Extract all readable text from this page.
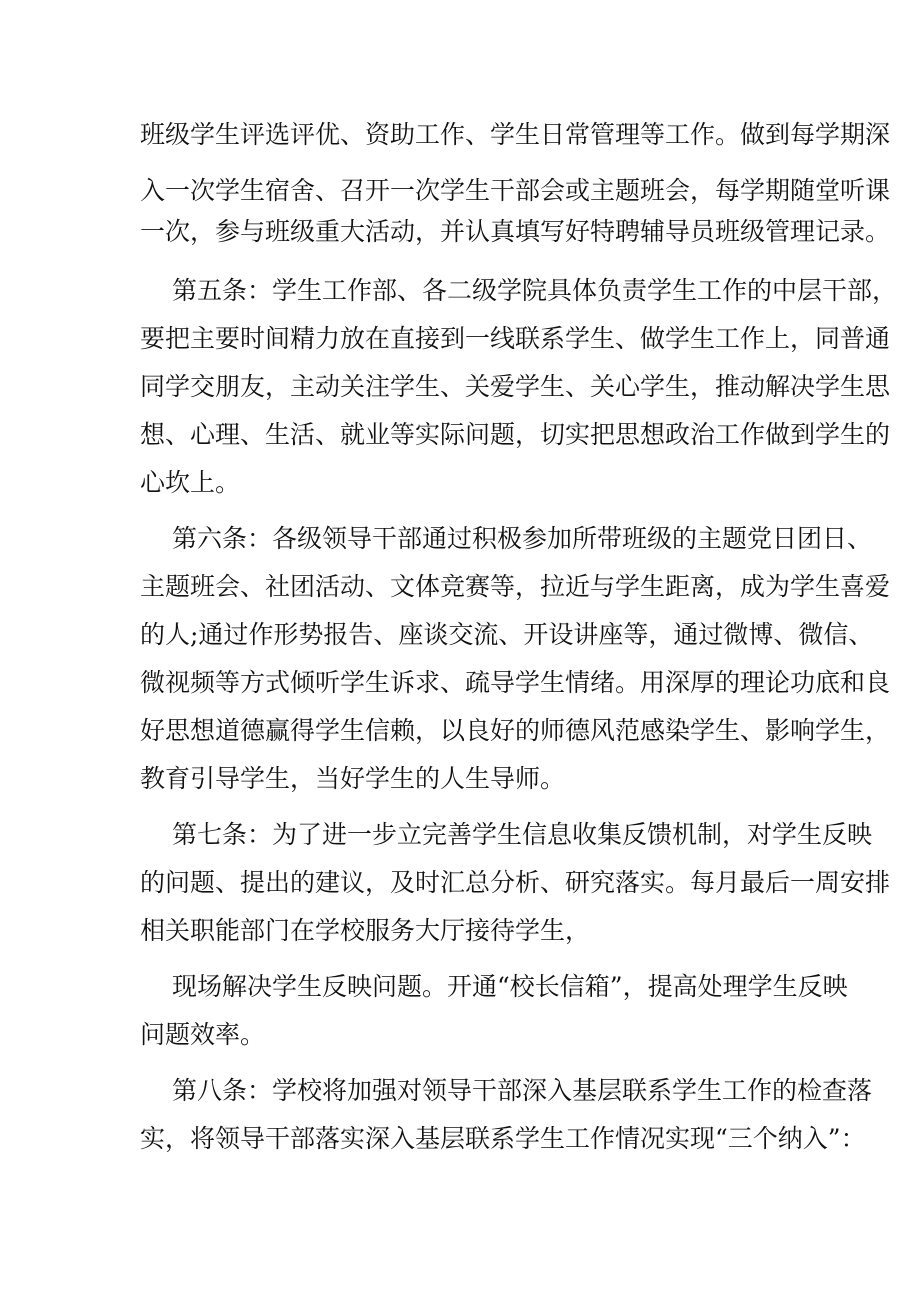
班级学生评选评优、资助工作、学生日常管理等工作。做到每学期深
入一次学生宿舍、召开一次学生干部会或主题班会，每学期随堂听课
一次，参与班级重大活动，并认真填写好特聘辅导员班级管理记录。
第五条：学生工作部、各二级学院具体负责学生工作的中层干部，
要把主要时间精力放在直接到一线联系学生、做学生工作上，同普通
同学交朋友，主动关注学生、关爱学生、关心学生，推动解决学生思
想、心理、生活、就业等实际问题，切实把思想政治工作做到学生的
心坎上。
第六条：各级领导干部通过积极参加所带班级的主题党日团日、
主题班会、社团活动、文体竞赛等，拉近与学生距离，成为学生喜爱
的人;通过作形势报告、座谈交流、开设讲座等，通过微博、微信、
微视频等方式倾听学生诉求、疏导学生情绪。用深厚的理论功底和良
好思想道德赢得学生信赖，以良好的师德风范感染学生、影响学生，
教育引导学生，当好学生的人生导师。
第七条：为了进一步立完善学生信息收集反馈机制，对学生反映
的问题、提出的建议，及时汇总分析、研究落实。每月最后一周安排
相关职能部门在学校服务大厅接待学生，
现场解决学生反映问题。开通“校长信箱”，提高处理学生反映
问题效率。
第八条：学校将加强对领导干部深入基层联系学生工作的检查落
实，将领导干部落实深入基层联系学生工作情况实现“三个纳入”：
